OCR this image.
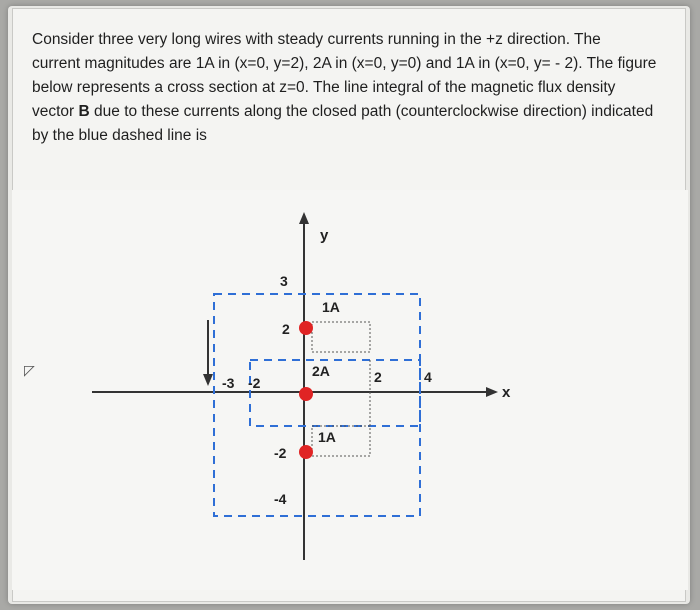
Consider three very long wires with steady currents running in the +z direction. The
current magnitudes are 1A in (x=0, y=2), 2A in (x=0, y=0) and 1A in (x=0, y= - 2). The figure
below represents a cross section at z=0. The line integral of the magnetic flux density
vector B due to these currents along the closed path (counterclockwise direction) indicated
by the blue dashed line is
1A
2A
1A
y
x
-3 -2	2	4
3
2
-2
-4
◸
